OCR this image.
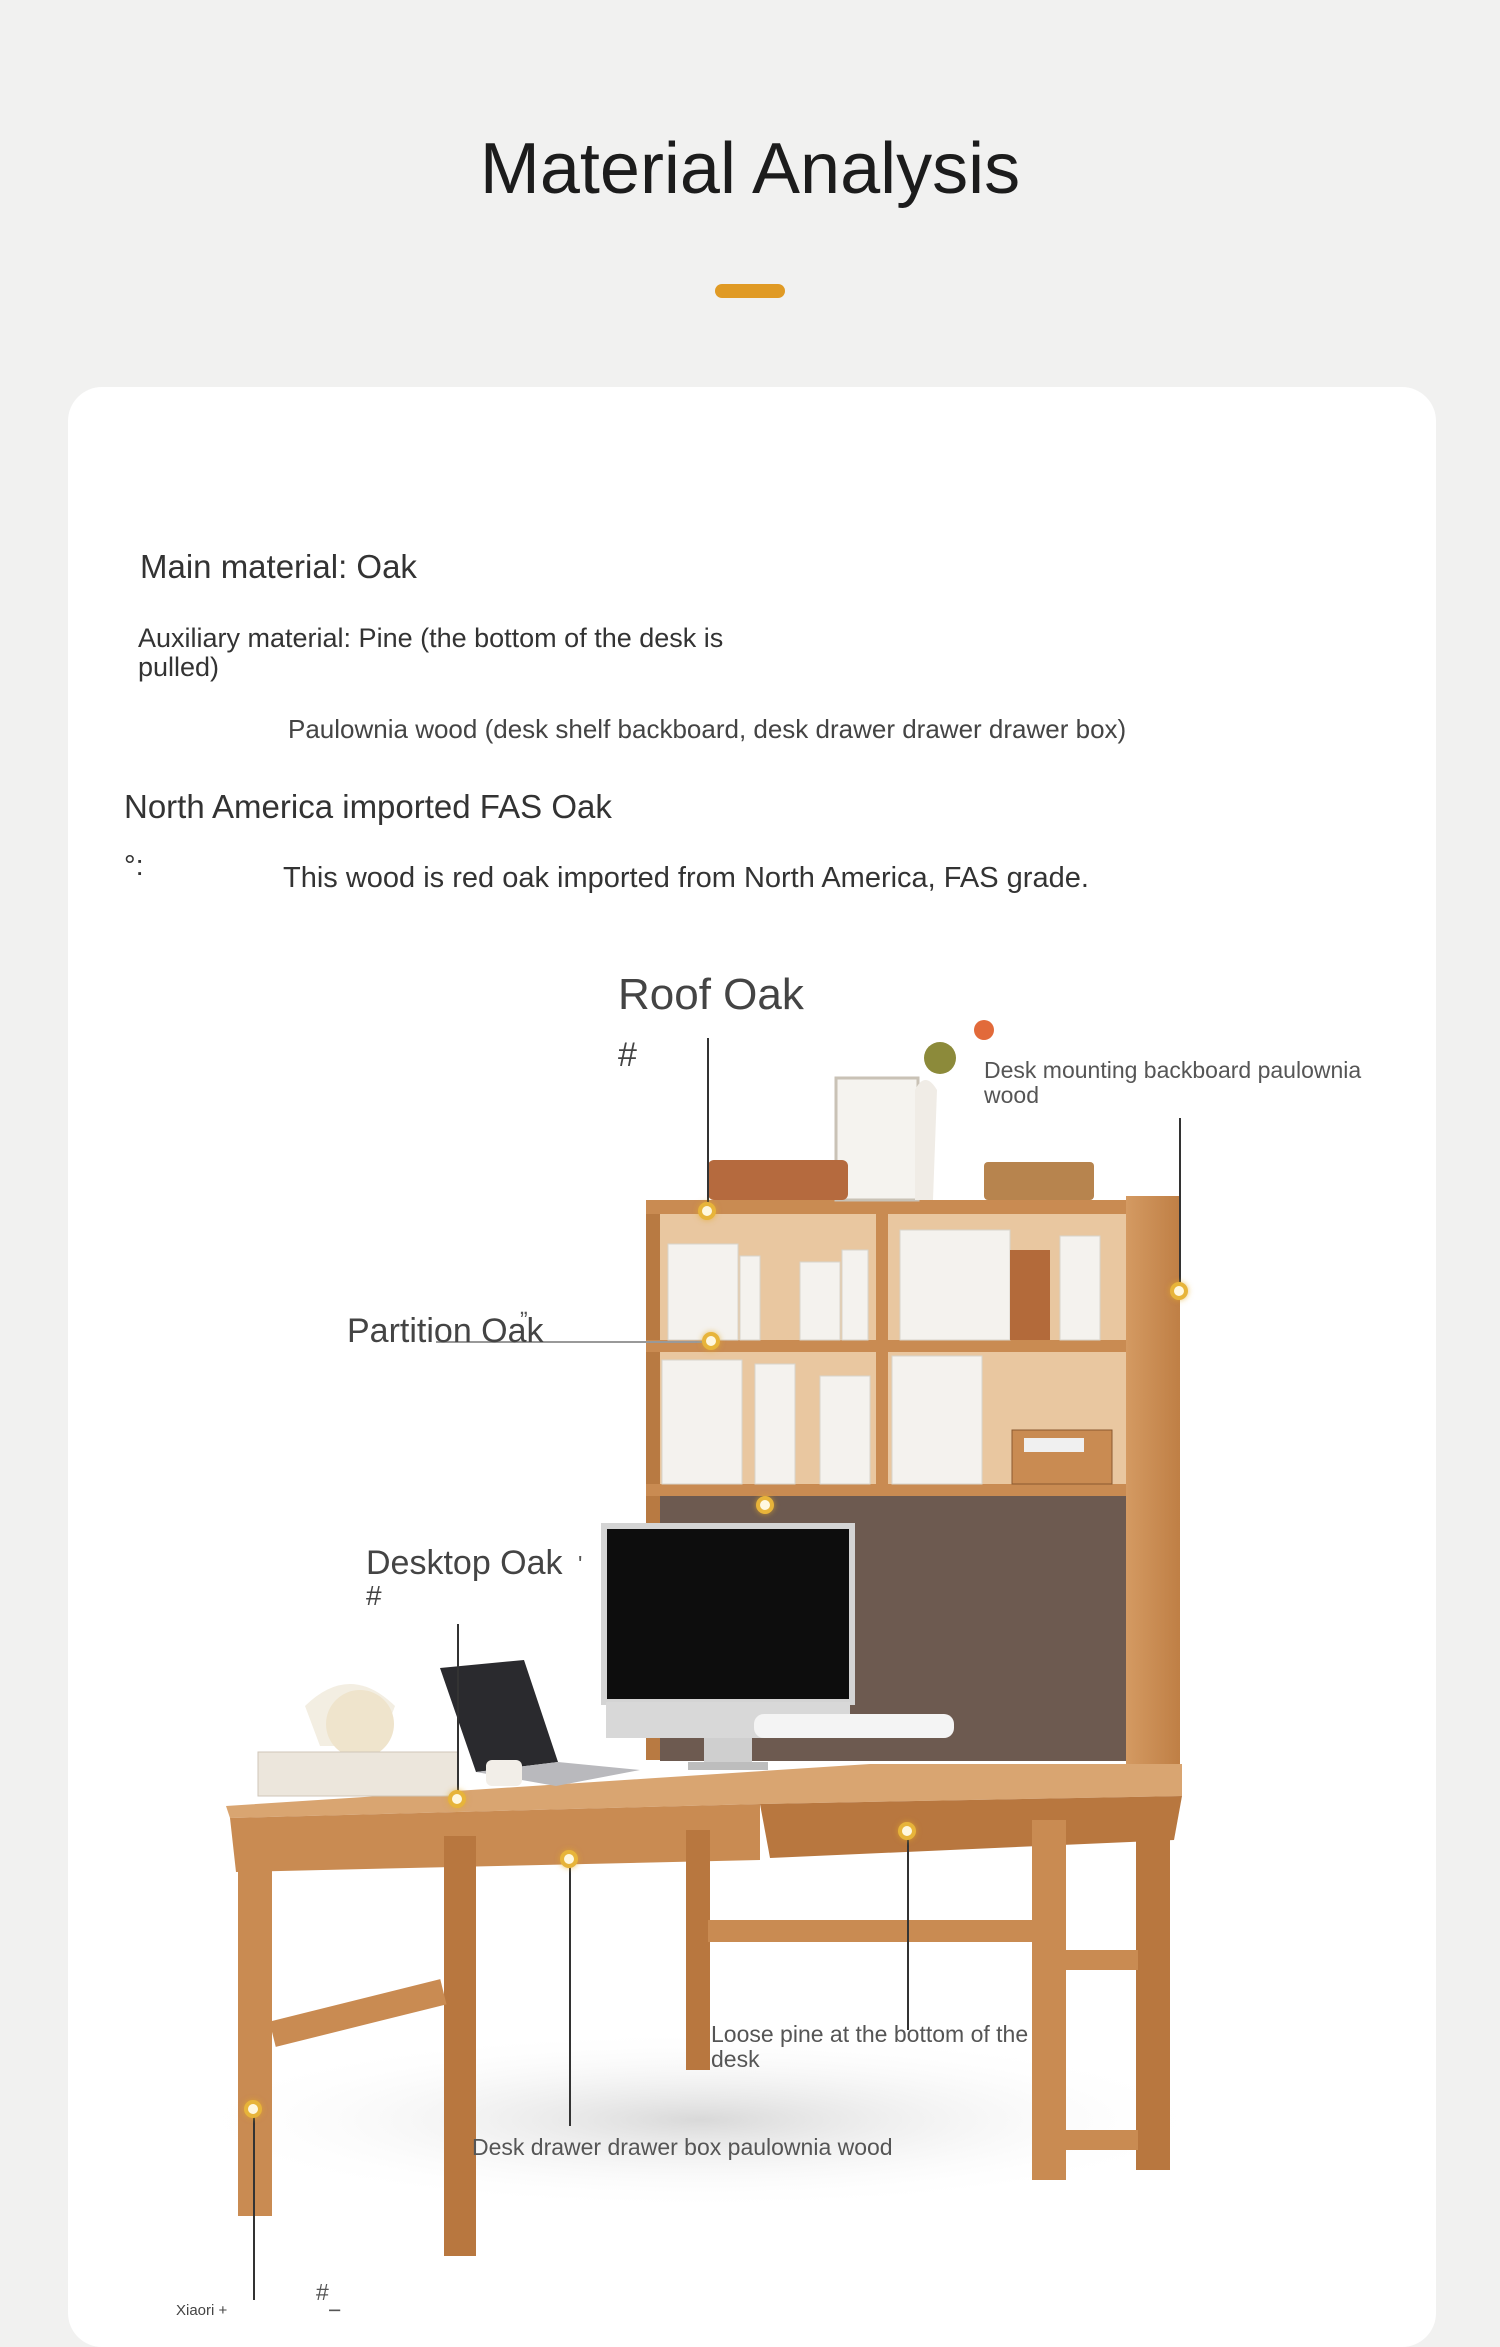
Material Analysis
Main material: Oak
Auxiliary material: Pine (the bottom of the desk is pulled)
Paulownia wood (desk shelf backboard, desk drawer drawer drawer box)
North America imported FAS Oak
°:	This wood is red oak imported from North America, FAS grade.
Roof Oak
#	Desk mounting backboard paulownia wood
„
Partition Oak
Desktop Oak '
#
Loose pine at the bottom of the desk
Desk drawer drawer box paulownia wood
Xiaori +
#
−
